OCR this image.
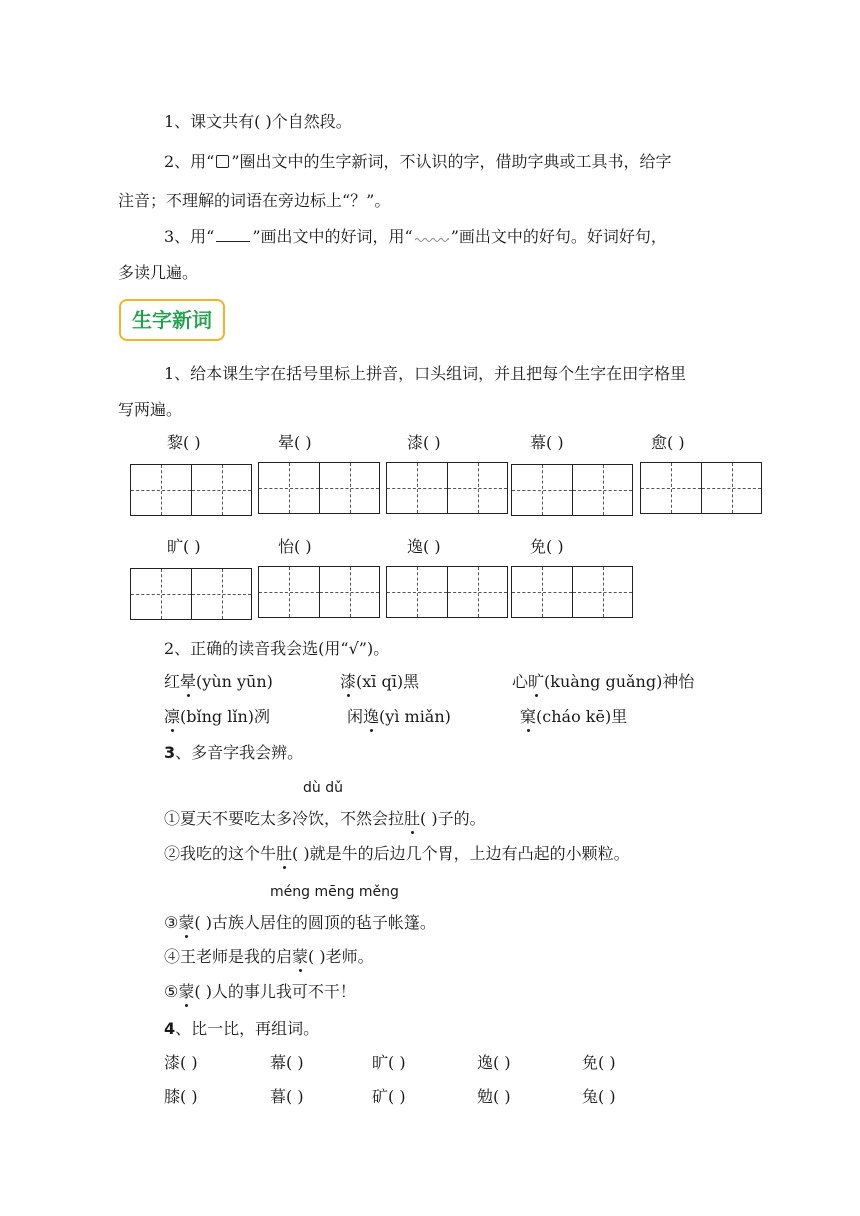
1、课文共有( )个自然段。
2、用“ ”圈出文中的生字新词，不认识的字，借助字典或工具书，给字
注音；不理解的词语在旁边标上“？”。
3、用“ ”画出文中的好词，用“ ”画出文中的好句。好词好句，
多读几遍。
生字新词
1、给本课生字在括号里标上拼音，口头组词，并且把每个生字在田字格里
写两遍。
黎( )	晕( )	漆( )	幕( )	愈( )
旷( )	怡( )	逸( )	免( )
2、正确的读音我会选(用“√”)。
红晕(yùn yūn)	漆(xī qī)黑	心旷(kuàng guǎng)神怡
凛(bǐng lǐn)冽	闲逸(yì miǎn)	窠(cháo kē)里
3、多音字我会辨。
dù dǔ
①夏天不要吃太多冷饮，不然会拉肚( )子的。
②我吃的这个牛肚( )就是牛的后边几个胃，上边有凸起的小颗粒。
méng mēng měng
③蒙( )古族人居住的圆顶的毡子帐篷。
④王老师是我的启蒙( )老师。
⑤蒙( )人的事儿我可不干！
4、比一比，再组词。
漆( )	幕( )	旷( )	逸( )	免( )
膝( )	暮( )	矿( )	勉( )	兔( )
